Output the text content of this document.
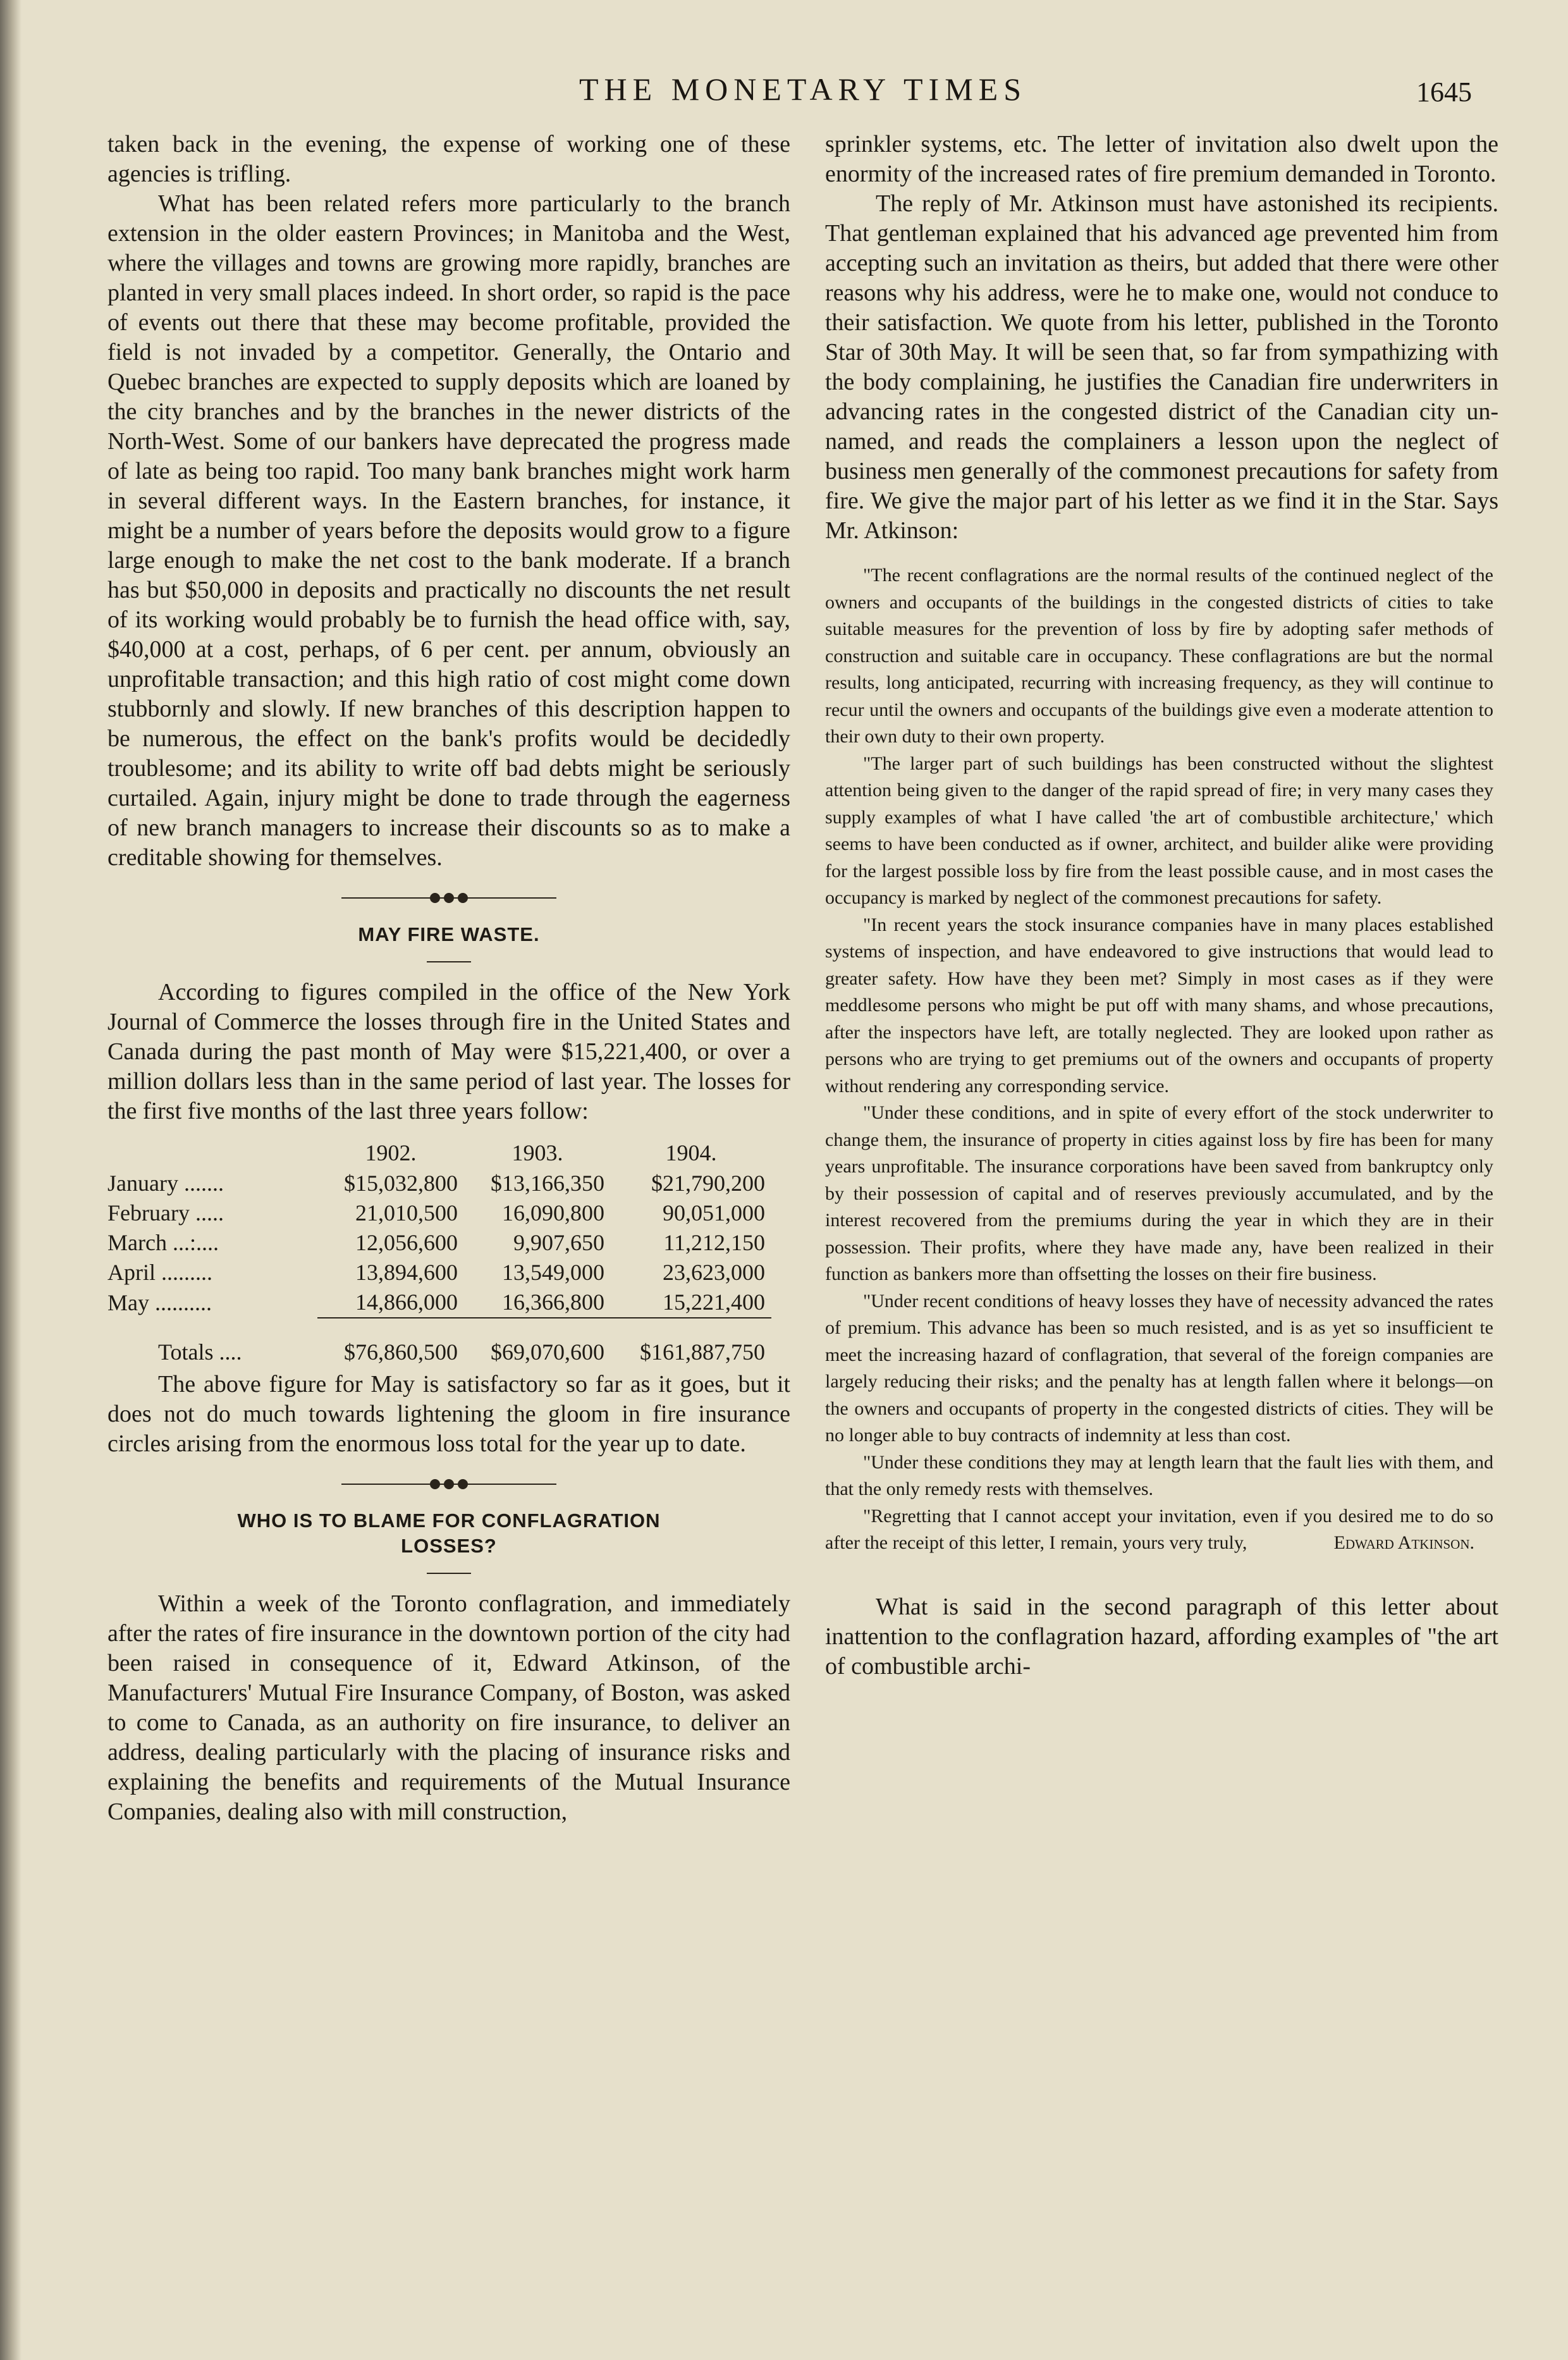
THE MONETARY TIMES	1645

taken back in the evening, the expense of working one of these agencies is trifling.

What has been related refers more particularly to the branch extension in the older eastern Provinces; in Manitoba and the West, where the villages and towns are growing more rapidly, branches are planted in very small places indeed. In short order, so rapid is the pace of events out there that these may become profitable, provided the field is not invaded by a competitor. Generally, the Ontario and Quebec branches are expected to supply deposits which are loaned by the city branches and by the branches in the newer districts of the North-West. Some of our bankers have deprecated the progress made of late as being too rapid. Too many bank branches might work harm in several different ways. In the Eastern branches, for instance, it might be a number of years before the deposits would grow to a figure large enough to make the net cost to the bank moderate. If a branch has but $50,000 in deposits and practically no discounts the net result of its working would probably be to furnish the head office with, say, $40,000 at a cost, perhaps, of 6 per cent. per annum, obviously an unprofitable transaction; and this high ratio of cost might come down stubbornly and slowly. If new branches of this description happen to be numerous, the effect on the bank's profits would be decidedly troublesome; and its ability to write off bad debts might be seriously curtailed. Again, injury might be done to trade through the eagerness of new branch managers to increase their discounts so as to make a creditable showing for themselves.

MAY FIRE WASTE.

According to figures compiled in the office of the New York Journal of Commerce the losses through fire in the United States and Canada during the past month of May were $15,221,400, or over a million dollars less than in the same period of last year. The losses for the first five months of the last three years follow:

	1902.	1903.	1904.
January .......	$15,032,800	$13,166,350	$21,790,200
February .....	21,010,500	16,090,800	90,051,000
March ...:....	12,056,600	9,907,650	11,212,150
April .........	13,894,600	13,549,000	23,623,000
May ..........	14,866,000	16,366,800	15,221,400
Totals ....	$76,860,500	$69,070,600	$161,887,750

The above figure for May is satisfactory so far as it goes, but it does not do much towards lightening the gloom in fire insurance circles arising from the enormous loss total for the year up to date.

WHO IS TO BLAME FOR CONFLAGRATION
LOSSES?

Within a week of the Toronto conflagration, and immediately after the rates of fire insurance in the downtown portion of the city had been raised in consequence of it, Edward Atkinson, of the Manufacturers' Mutual Fire Insurance Company, of Boston, was asked to come to Canada, as an authority on fire insurance, to deliver an address, dealing particularly with the placing of insurance risks and explaining the benefits and requirements of the Mutual Insurance Companies, dealing also with mill construction,

sprinkler systems, etc. The letter of invitation also dwelt upon the enormity of the increased rates of fire premium demanded in Toronto.

The reply of Mr. Atkinson must have astonished its recipients. That gentleman explained that his advanced age prevented him from accepting such an invitation as theirs, but added that there were other reasons why his address, were he to make one, would not conduce to their satisfaction. We quote from his letter, published in the Toronto Star of 30th May. It will be seen that, so far from sympathizing with the body complaining, he justifies the Canadian fire underwriters in advancing rates in the congested district of the Canadian city un-named, and reads the complainers a lesson upon the neglect of business men generally of the commonest precautions for safety from fire. We give the major part of his letter as we find it in the Star. Says Mr. Atkinson:

"The recent conflagrations are the normal results of the continued neglect of the owners and occupants of the buildings in the congested districts of cities to take suitable measures for the prevention of loss by fire by adopting safer methods of construction and suitable care in occupancy. These conflagrations are but the normal results, long anticipated, recurring with increasing frequency, as they will continue to recur until the owners and occupants of the buildings give even a moderate attention to their own duty to their own property.

"The larger part of such buildings has been constructed without the slightest attention being given to the danger of the rapid spread of fire; in very many cases they supply examples of what I have called 'the art of combustible architecture,' which seems to have been conducted as if owner, architect, and builder alike were providing for the largest possible loss by fire from the least possible cause, and in most cases the occupancy is marked by neglect of the commonest precautions for safety.

"In recent years the stock insurance companies have in many places established systems of inspection, and have endeavored to give instructions that would lead to greater safety. How have they been met? Simply in most cases as if they were meddlesome persons who might be put off with many shams, and whose precautions, after the inspectors have left, are totally neglected. They are looked upon rather as persons who are trying to get premiums out of the owners and occupants of property without rendering any corresponding service.

"Under these conditions, and in spite of every effort of the stock underwriter to change them, the insurance of property in cities against loss by fire has been for many years unprofitable. The insurance corporations have been saved from bankruptcy only by their possession of capital and of reserves previously accumulated, and by the interest recovered from the premiums during the year in which they are in their possession. Their profits, where they have made any, have been realized in their function as bankers more than offsetting the losses on their fire business.

"Under recent conditions of heavy losses they have of necessity advanced the rates of premium. This advance has been so much resisted, and is as yet so insufficient te meet the increasing hazard of conflagration, that several of the foreign companies are largely reducing their risks; and the penalty has at length fallen where it belongs—on the owners and occupants of property in the congested districts of cities. They will be no longer able to buy contracts of indemnity at less than cost.

"Under these conditions they may at length learn that the fault lies with them, and that the only remedy rests with themselves.

"Regretting that I cannot accept your invitation, even if you desired me to do so after the receipt of this letter, I remain, yours very truly,	Edward Atkinson.

What is said in the second paragraph of this letter about inattention to the conflagration hazard, affording examples of "the art of combustible archi-
